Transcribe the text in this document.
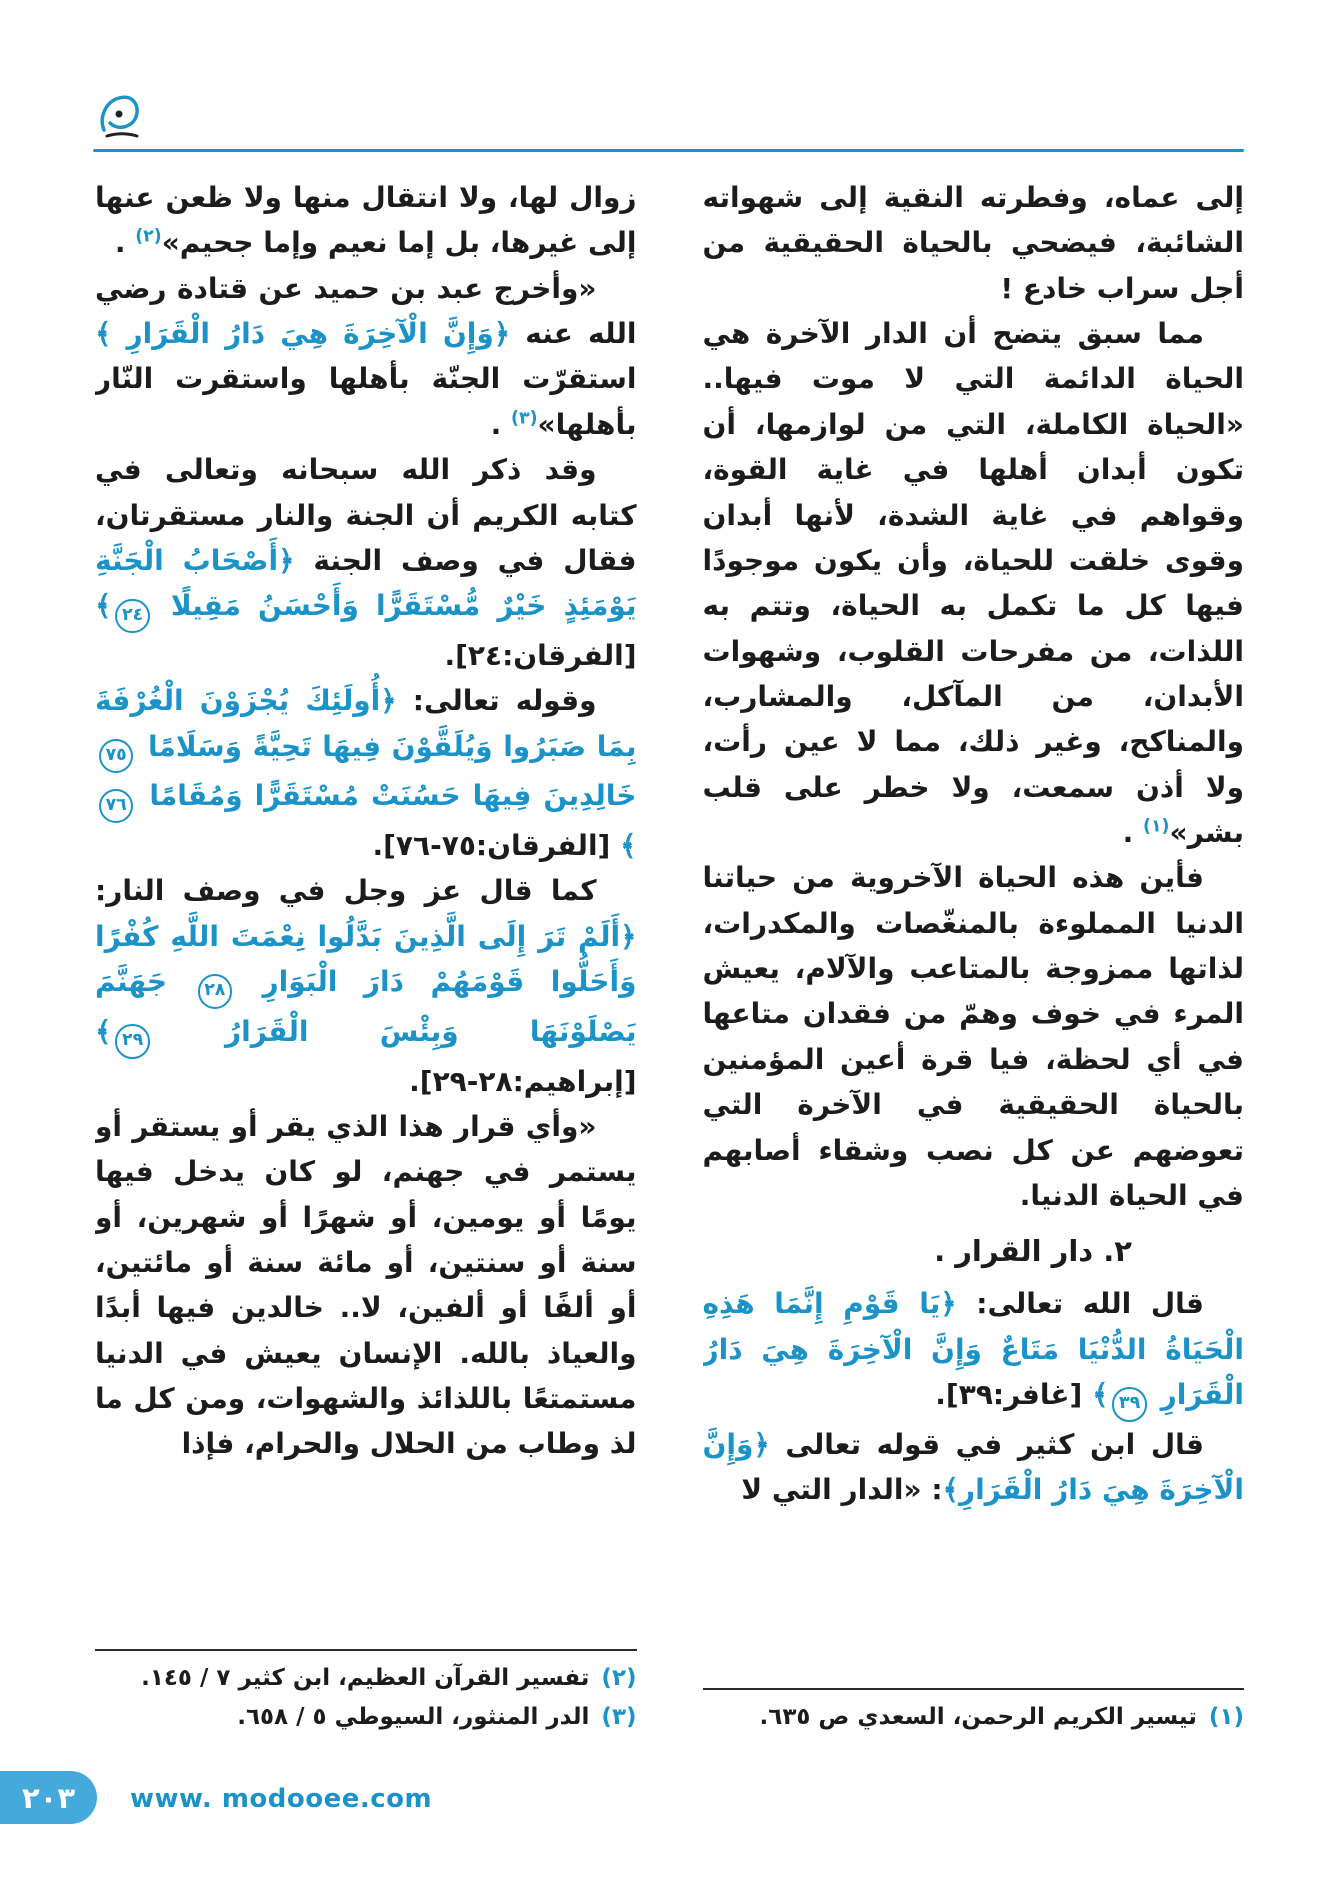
إلى عماه، وفطرته النقية إلى شهواته الشائبة، فيضحي بالحياة الحقيقية من أجل سراب خادع !

مما سبق يتضح أن الدار الآخرة هي الحياة الدائمة التي لا موت فيها.. «الحياة الكاملة، التي من لوازمها، أن تكون أبدان أهلها في غاية القوة، وقواهم في غاية الشدة، لأنها أبدان وقوى خلقت للحياة، وأن يكون موجودًا فيها كل ما تكمل به الحياة، وتتم به اللذات، من مفرحات القلوب، وشهوات الأبدان، من المآكل، والمشارب، والمناكح، وغير ذلك، مما لا عين رأت، ولا أذن سمعت، ولا خطر على قلب بشر»$^{(١)}$ .

فأين هذه الحياة الآخروية من حياتنا الدنيا المملوءة بالمنغّصات والمكدرات، لذاتها ممزوجة بالمتاعب والآلام، يعيش المرء في خوف وهمّ من فقدان متاعها في أي لحظة، فيا قرة أعين المؤمنين بالحياة الحقيقية في الآخرة التي تعوضهم عن كل نصب وشقاء أصابهم في الحياة الدنيا.

٢. دار القرار .

قال الله تعالى: ﴿يَا قَوْمِ إِنَّمَا هَذِهِ الْحَيَاةُ الدُّنْيَا مَتَاعٌ وَإِنَّ الْآخِرَةَ هِيَ دَارُ الْقَرَارِ ٣٩﴾ [غافر:٣٩].

قال ابن كثير في قوله تعالى ﴿وَإِنَّ الْآخِرَةَ هِيَ دَارُ الْقَرَارِ﴾: «الدار التي لا

(١)تيسير الكريم الرحمن، السعدي ص ٦٣٥.

زوال لها، ولا انتقال منها ولا ظعن عنها إلى غيرها، بل إما نعيم وإما جحيم»$^{(٢)}$ .

«وأخرج عبد بن حميد عن قتادة رضي الله عنه ﴿وَإِنَّ الْآخِرَةَ هِيَ دَارُ الْقَرَارِ ﴾ استقرّت الجنّة بأهلها واستقرت النّار بأهلها»$^{(٣)}$ .

وقد ذكر الله سبحانه وتعالى في كتابه الكريم أن الجنة والنار مستقرتان، فقال في وصف الجنة ﴿أَصْحَابُ الْجَنَّةِ يَوْمَئِذٍ خَيْرٌ مُّسْتَقَرًّا وَأَحْسَنُ مَقِيلًا ٢٤﴾ [الفرقان:٢٤].

وقوله تعالى: ﴿أُولَئِكَ يُجْزَوْنَ الْغُرْفَةَ بِمَا صَبَرُوا وَيُلَقَّوْنَ فِيهَا تَحِيَّةً وَسَلَامًا ٧٥ خَالِدِينَ فِيهَا حَسُنَتْ مُسْتَقَرًّا وَمُقَامًا ٧٦﴾ [الفرقان:٧٥-٧٦].

كما قال عز وجل في وصف النار: ﴿أَلَمْ تَرَ إِلَى الَّذِينَ بَدَّلُوا نِعْمَتَ اللَّهِ كُفْرًا وَأَحَلُّوا قَوْمَهُمْ دَارَ الْبَوَارِ ٢٨ جَهَنَّمَ يَصْلَوْنَهَا وَبِئْسَ الْقَرَارُ ٢٩﴾ [إبراهيم:٢٨-٢٩].

«وأي قرار هذا الذي يقر أو يستقر أو يستمر في جهنم، لو كان يدخل فيها يومًا أو يومين، أو شهرًا أو شهرين، أو سنة أو سنتين، أو مائة سنة أو مائتين، أو ألفًا أو ألفين، لا.. خالدين فيها أبدًا والعياذ بالله. الإنسان يعيش في الدنيا مستمتعًا باللذائذ والشهوات، ومن كل ما لذ وطاب من الحلال والحرام، فإذا

(٢)تفسير القرآن العظيم، ابن كثير ٧ / ١٤٥.

(٣)الدر المنثور، السيوطي ٥ / ٦٥٨.

٢٠٣ www. modooee.com
